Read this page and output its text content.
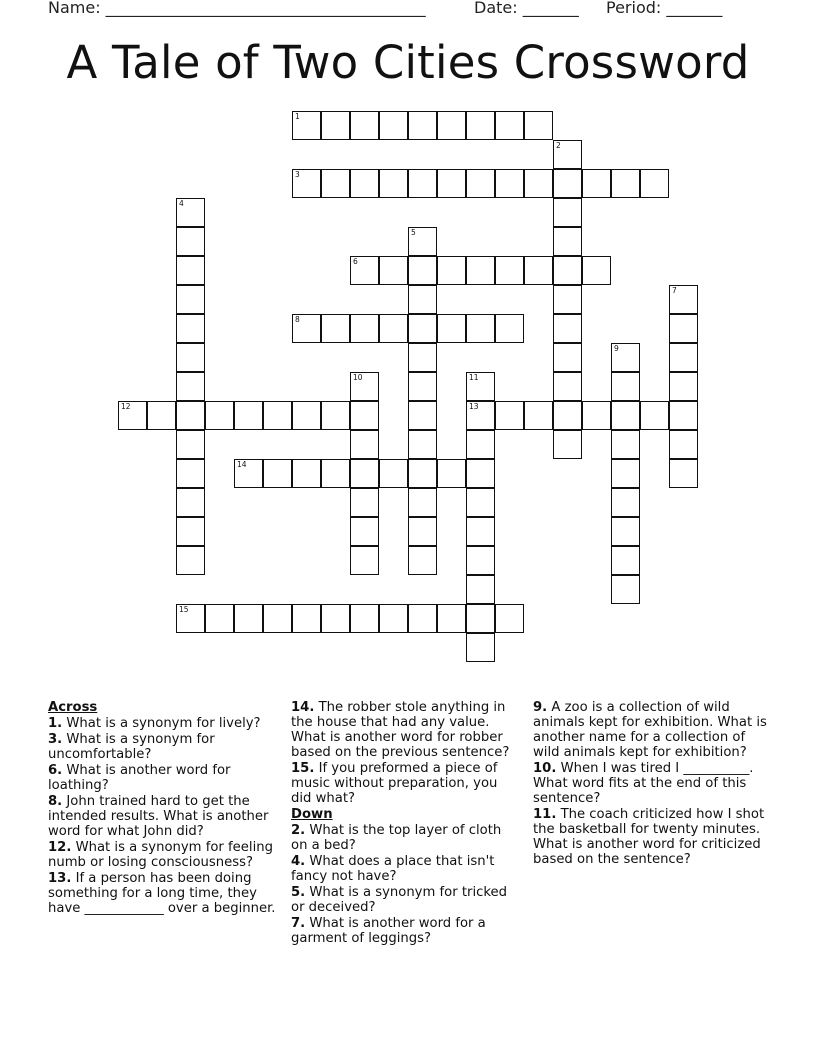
Name: ________________________________________	Date: _______ Period: _______
A Tale of Two Cities Crossword
1
2
3
4
5
6
7
8
9
10	11
13
12
14
15
Across
1. What is a synonym for lively?
3. What is a synonym for uncomfortable?
6. What is another word for loathing?
8. John trained hard to get the intended results. What is another word for what John did?
12. What is a synonym for feeling numb or losing consciousness?
13. If a person has been doing something for a long time, they have ____________ over a beginner.
14. The robber stole anything in the house that had any value. What is another word for robber based on the previous sentence?
15. If you preformed a piece of music without preparation, you did what?
Down
2. What is the top layer of cloth on a bed?
4. What does a place that isn't fancy not have?
5. What is a synonym for tricked or deceived?
7. What is another word for a garment of leggings?
9. A zoo is a collection of wild animals kept for exhibition. What is another name for a collection of wild animals kept for exhibition?
10. When I was tired I __________. What word fits at the end of this sentence?
11. The coach criticized how I shot the basketball for twenty minutes. What is another word for criticized based on the sentence?
